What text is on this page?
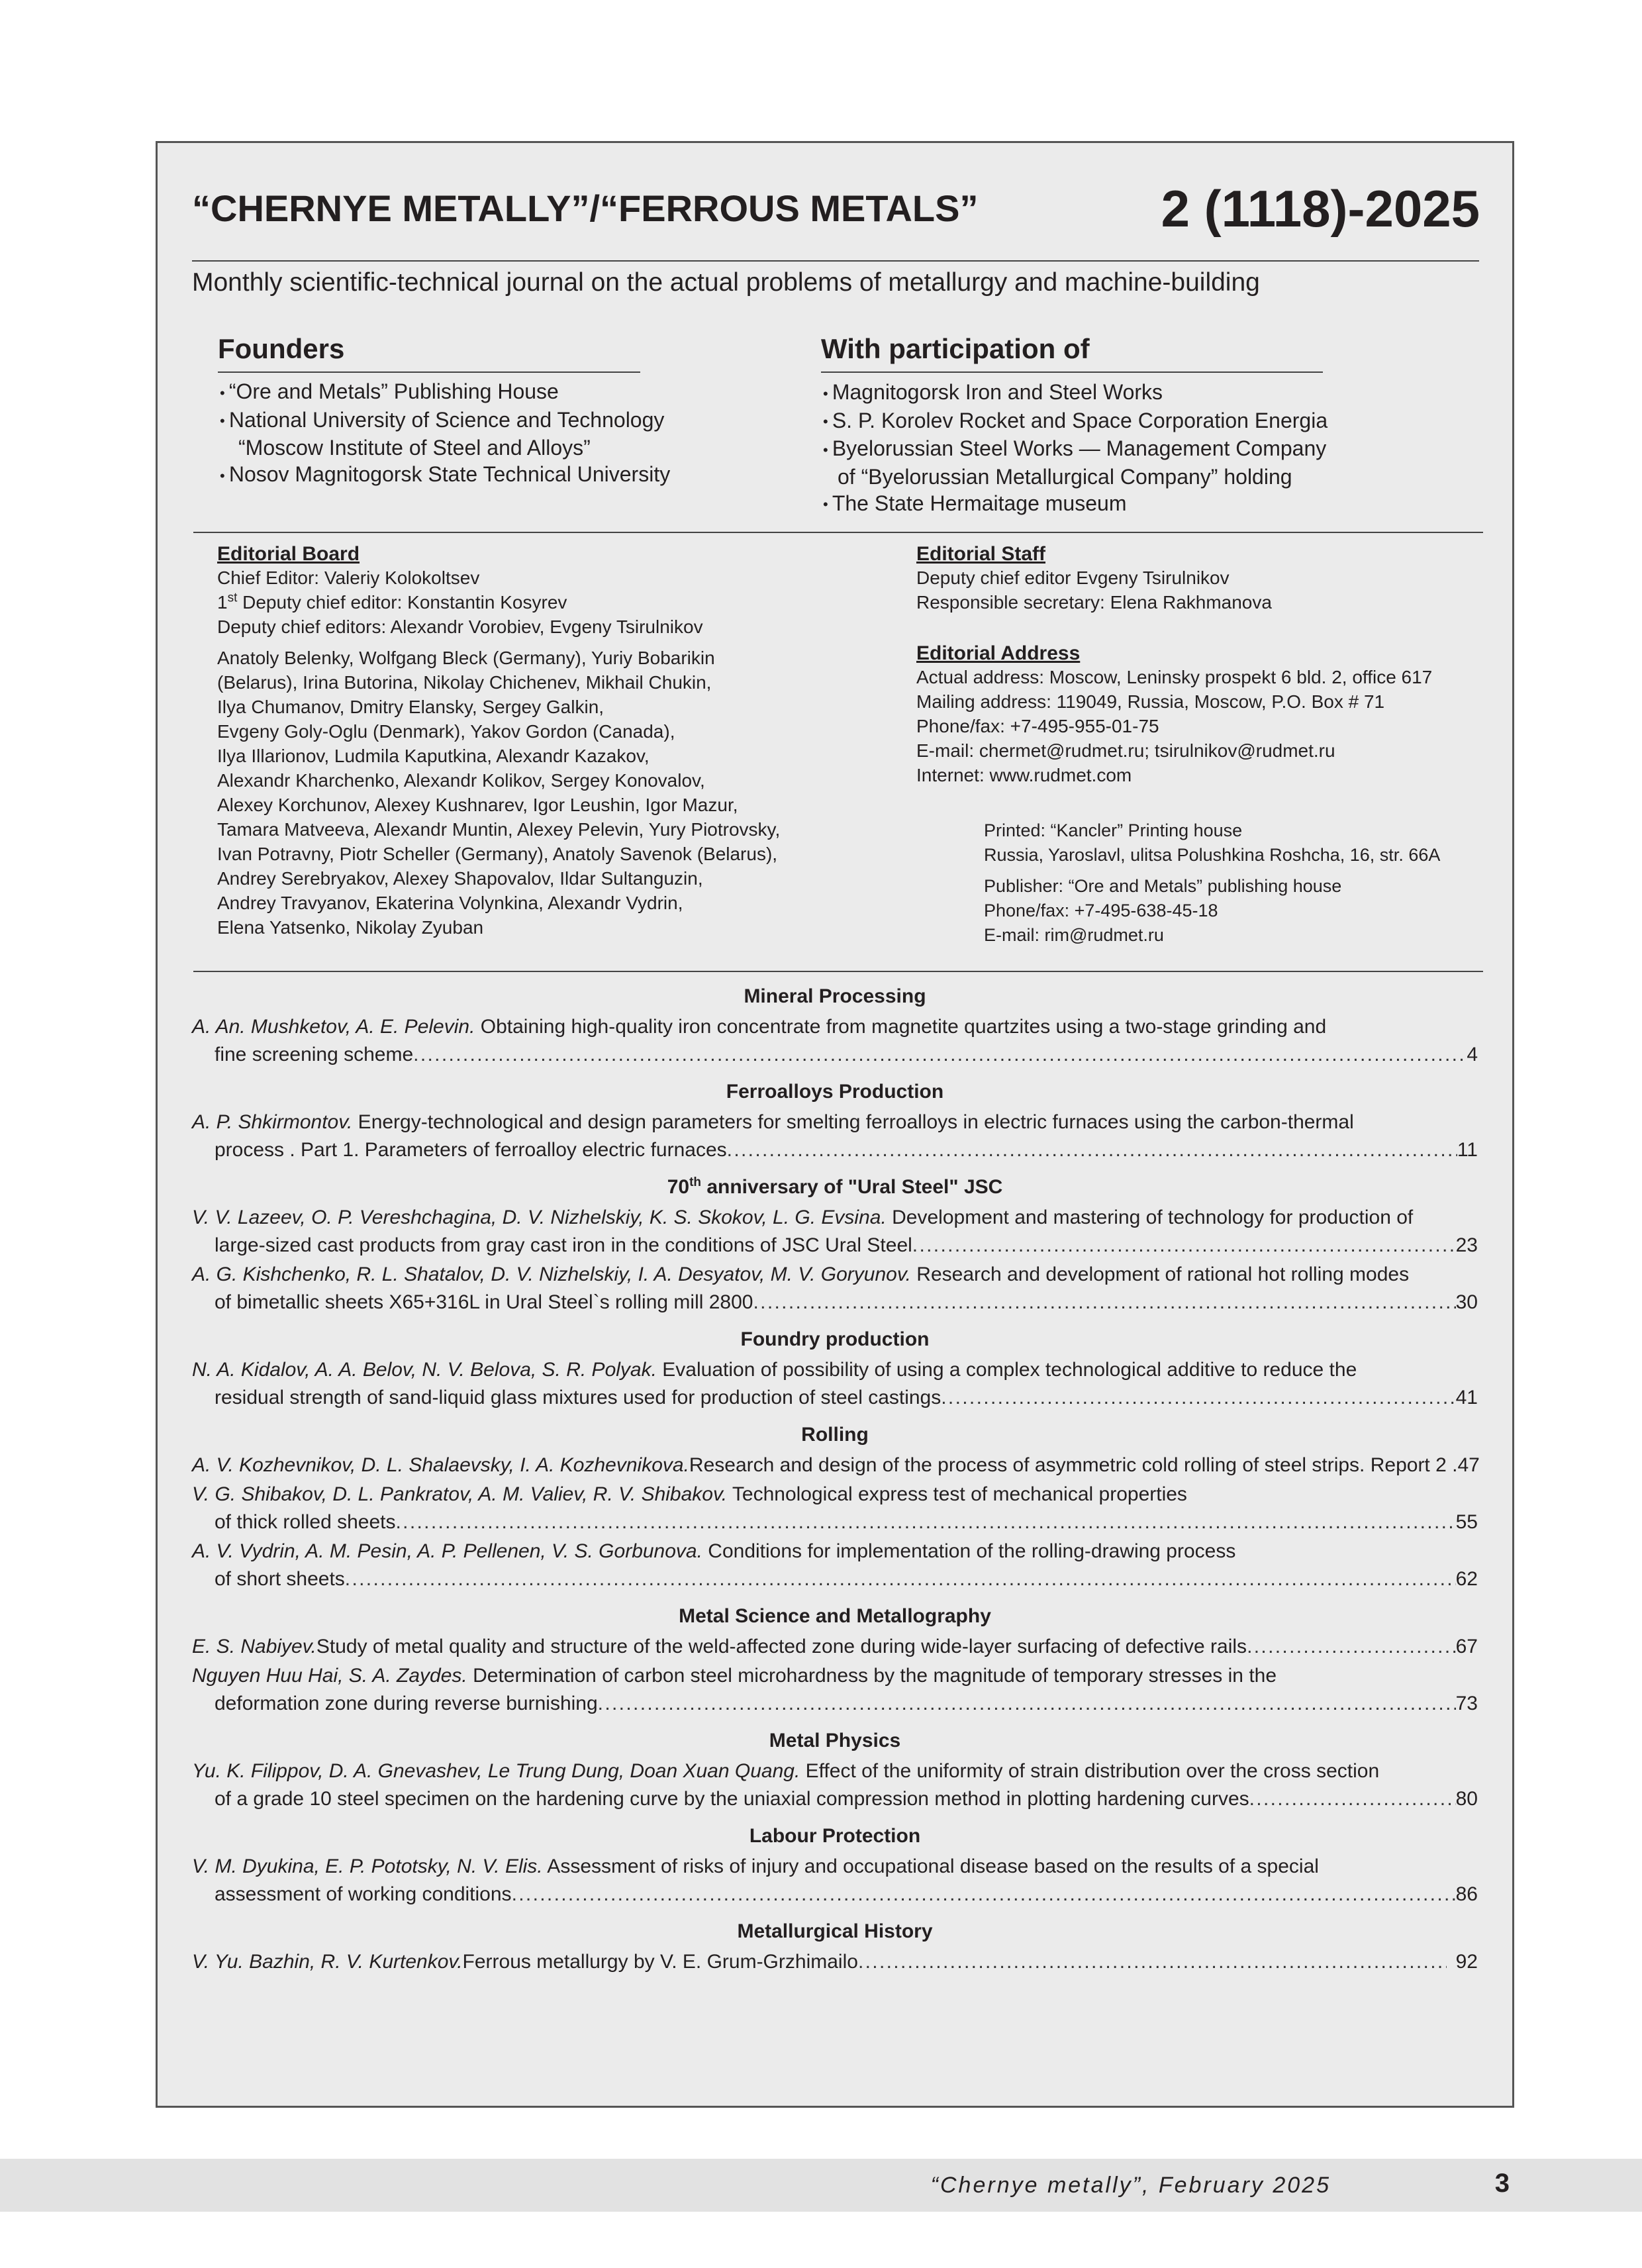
“CHERNYE METALLY”/“FERROUS METALS”	2 (1118)-2025
Monthly scientific-technical journal on the actual problems of metallurgy and machine-building
Founders
• “Ore and Metals” Publishing House
• National University of Science and Technology
“Moscow Institute of Steel and Alloys”
• Nosov Magnitogorsk State Technical University
With participation of
• Magnitogorsk Iron and Steel Works
• S. P. Korolev Rocket and Space Corporation Energia
• Byelorussian Steel Works — Management Company
of “Byelorussian Metallurgical Company” holding
• The State Hermaitage museum
Editorial Board

Chief Editor: Valeriy Kolokoltsev

1st Deputy chief editor: Konstantin Kosyrev

Deputy chief editors: Alexandr Vorobiev, Evgeny Tsirulnikov

Anatoly Belenky, Wolfgang Bleck (Germany), Yuriy Bobarikin

(Belarus), Irina Butorina, Nikolay Chichenev, Mikhail Chukin,

Ilya Chumanov, Dmitry Elansky, Sergey Galkin,

Evgeny Goly-Oglu (Denmark), Yakov Gordon (Canada),

Ilya Illarionov, Ludmila Kaputkina, Alexandr Kazakov,

Alexandr Kharchenko, Alexandr Kolikov, Sergey Konovalov,

Alexey Korchunov, Alexey Kushnarev, Igor Leushin, Igor Mazur,

Tamara Matveeva, Alexandr Muntin, Alexey Pelevin, Yury Piotrovsky,

Ivan Potravny, Piotr Scheller (Germany), Anatoly Savenok (Belarus),

Andrey Serebryakov, Alexey Shapovalov, Ildar Sultanguzin,

Andrey Travyanov, Ekaterina Volynkina, Alexandr Vydrin,

Elena Yatsenko, Nikolay Zyuban

Editorial Staff

Deputy chief editor Evgeny Tsirulnikov

Responsible secretary: Elena Rakhmanova

Editorial Address

Actual address: Moscow, Leninsky prospekt 6 bld. 2, office 617

Mailing address: 119049, Russia, Moscow, P.O. Box # 71

Phone/fax: +7-495-955-01-75

E-mail: chermet@rudmet.ru; tsirulnikov@rudmet.ru

Internet: www.rudmet.com

Printed: “Kancler” Printing house

Russia, Yaroslavl, ulitsa Polushkina Roshcha, 16, str. 66A

Publisher: “Ore and Metals” publishing house

Phone/fax: +7-495-638-45-18

E-mail: rim@rudmet.ru

Mineral Processing
A. An. Mushketov, A. E. Pelevin. Obtaining high-quality iron concentrate from magnetite quartzites using a two-stage grinding and
fine screening scheme . . .	4
Ferroalloys Production
A. P. Shkirmontov. Energy-technological and design parameters for smelting ferroalloys in electric furnaces using the carbon-thermal
process . Part 1. Parameters of ferroalloy electric furnaces . . .	11
70th anniversary of "Ural Steel" JSC
V. V. Lazeev, O. P. Vereshchagina, D. V. Nizhelskiy, K. S. Skokov, L. G. Evsina. Development and mastering of technology for production of
large-sized cast products from gray cast iron in the conditions of JSC Ural Steel . . .	23
A. G. Kishchenko, R. L. Shatalov, D. V. Nizhelskiy, I. A. Desyatov, M. V. Goryunov. Research and development of rational hot rolling modes
of bimetallic sheets X65+316L in Ural Steel`s rolling mill 2800 . . .	30
Foundry production
N. A. Kidalov, A. A. Belov, N. V. Belova, S. R. Polyak. Evaluation of possibility of using a complex technological additive to reduce the
residual strength of sand-liquid glass mixtures used for production of steel castings . . .	41
Rolling
A. V. Kozhevnikov, D. L. Shalaevsky, I. A. Kozhevnikova. Research and design of the process of asymmetric cold rolling of steel strips. Report 2 . 47
V. G. Shibakov, D. L. Pankratov, A. M. Valiev, R. V. Shibakov. Technological express test of mechanical properties
of thick rolled sheets . . .	55
A. V. Vydrin, A. M. Pesin, A. P. Pellenen, V. S. Gorbunova. Conditions for implementation of the rolling-drawing process
of short sheets . . .	62
Metal Science and Metallography
E. S. Nabiyev. Study of metal quality and structure of the weld-affected zone during wide-layer surfacing of defective rails . . .	67
Nguyen Huu Hai, S. A. Zaydes. Determination of carbon steel microhardness by the magnitude of temporary stresses in the
deformation zone during reverse burnishing . . .	73
Metal Physics
Yu. K. Filippov, D. A. Gnevashev, Le Trung Dung, Doan Xuan Quang. Effect of the uniformity of strain distribution over the cross section
of a grade 10 steel specimen on the hardening curve by the uniaxial compression method in plotting hardening curves . . .	80
Labour Protection
V. M. Dyukina, E. P. Pototsky, N. V. Elis. Assessment of risks of injury and occupational disease based on the results of a special
assessment of working conditions . . .	86
Metallurgical History
V. Yu. Bazhin, R. V. Kurtenkov. Ferrous metallurgy by V. E. Grum-Grzhimailo . . .	92
“Chernye metally”, February 2025	3
